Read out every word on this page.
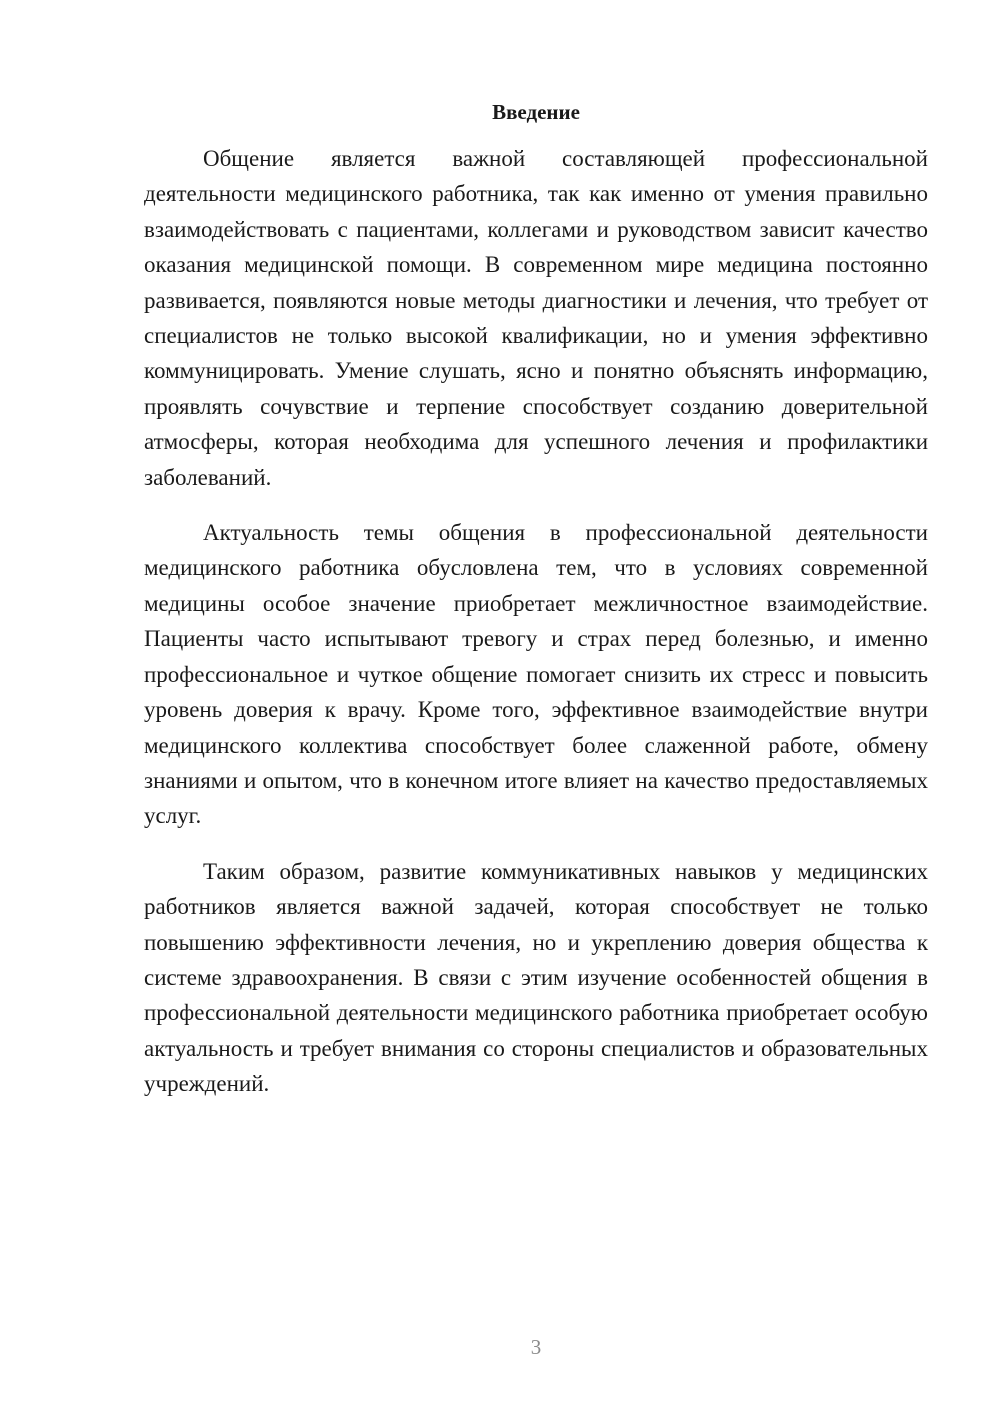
Введение

Общение является важной составляющей профессиональной деятельности медицинского работника, так как именно от умения правильно взаимодействовать с пациентами, коллегами и руководством зависит качество оказания медицинской помощи. В современном мире медицина постоянно развивается, появляются новые методы диагностики и лечения, что требует от специалистов не только высокой квалификации, но и умения эффективно коммуницировать. Умение слушать, ясно и понятно объяснять информацию, проявлять сочувствие и терпение способствует созданию доверительной атмосферы, которая необходима для успешного лечения и профилактики заболеваний.

Актуальность темы общения в профессиональной деятельности медицинского работника обусловлена тем, что в условиях современной медицины особое значение приобретает межличностное взаимодействие. Пациенты часто испытывают тревогу и страх перед болезнью, и именно профессиональное и чуткое общение помогает снизить их стресс и повысить уровень доверия к врачу. Кроме того, эффективное взаимодействие внутри медицинского коллектива способствует более слаженной работе, обмену знаниями и опытом, что в конечном итоге влияет на качество предоставляемых услуг.

Таким образом, развитие коммуникативных навыков у медицинских работников является важной задачей, которая способствует не только повышению эффективности лечения, но и укреплению доверия общества к системе здравоохранения. В связи с этим изучение особенностей общения в профессиональной деятельности медицинского работника приобретает особую актуальность и требует внимания со стороны специалистов и образовательных учреждений.

3
